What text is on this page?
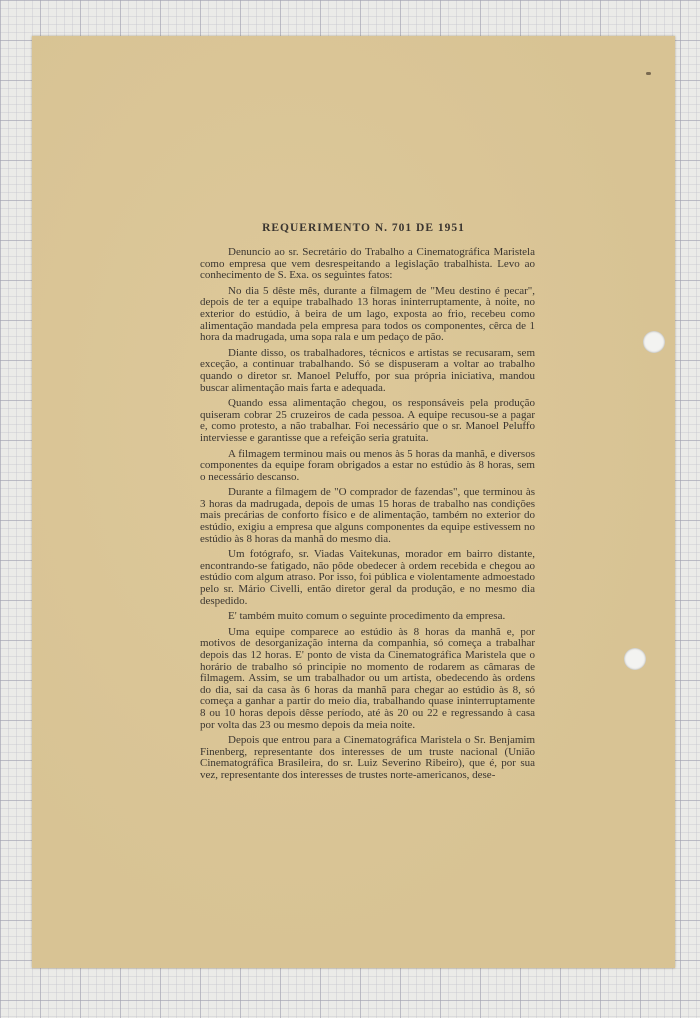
REQUERIMENTO N. 701 DE 1951

Denuncio ao sr. Secretário do Trabalho a Cinematográfica Maristela como empresa que vem desrespeitando a legislação trabalhista. Levo ao conhecimento de S. Exa. os seguintes fatos:

No dia 5 dêste mês, durante a filmagem de "Meu destino é pecar", depois de ter a equipe trabalhado 13 horas ininterruptamente, à noite, no exterior do estúdio, à beira de um lago, exposta ao frio, recebeu como alimentação mandada pela empresa para todos os componentes, cêrca de 1 hora da madrugada, uma sopa rala e um pedaço de pão.

Diante disso, os trabalhadores, técnicos e artistas se recusaram, sem exceção, a continuar trabalhando. Só se dispuseram a voltar ao trabalho quando o diretor sr. Manoel Peluffo, por sua própria iniciativa, mandou buscar alimentação mais farta e adequada.

Quando essa alimentação chegou, os responsáveis pela produção quiseram cobrar 25 cruzeiros de cada pessoa. A equipe recusou-se a pagar e, como protesto, a não trabalhar. Foi necessário que o sr. Manoel Peluffo interviesse e garantisse que a refeição seria gratuita.

A filmagem terminou mais ou menos às 5 horas da manhã, e diversos componentes da equipe foram obrigados a estar no estúdio às 8 horas, sem o necessário descanso.

Durante a filmagem de "O comprador de fazendas", que terminou às 3 horas da madrugada, depois de umas 15 horas de trabalho nas condições mais precárias de conforto físico e de alimentação, também no exterior do estúdio, exigiu a empresa que alguns componentes da equipe estivessem no estúdio às 8 horas da manhã do mesmo dia.

Um fotógrafo, sr. Viadas Vaitekunas, morador em bairro distante, encontrando-se fatigado, não pôde obedecer à ordem recebida e chegou ao estúdio com algum atraso. Por isso, foi pública e violentamente admoestado pelo sr. Mário Civelli, então diretor geral da produção, e no mesmo dia despedido.

E' também muito comum o seguinte procedimento da empresa.

Uma equipe comparece ao estúdio às 8 horas da manhã e, por motivos de desorganização interna da companhia, só começa a trabalhar depois das 12 horas. E' ponto de vista da Cinematográfica Maristela que o horário de trabalho só principie no momento de rodarem as câmaras de filmagem. Assim, se um trabalhador ou um artista, obedecendo às ordens do dia, sai da casa às 6 horas da manhã para chegar ao estúdio às 8, só começa a ganhar a partir do meio dia, trabalhando quase ininterruptamente 8 ou 10 horas depois dêsse período, até às 20 ou 22 e regressando à casa por volta das 23 ou mesmo depois da meia noite.

Depois que entrou para a Cinematográfica Maristela o Sr. Benjamim Finenberg, representante dos interesses de um truste nacional (União Cinematográfica Brasileira, do sr. Luiz Severino Ribeiro), que é, por sua vez, representante dos interesses de trustes norte-americanos, dese-
